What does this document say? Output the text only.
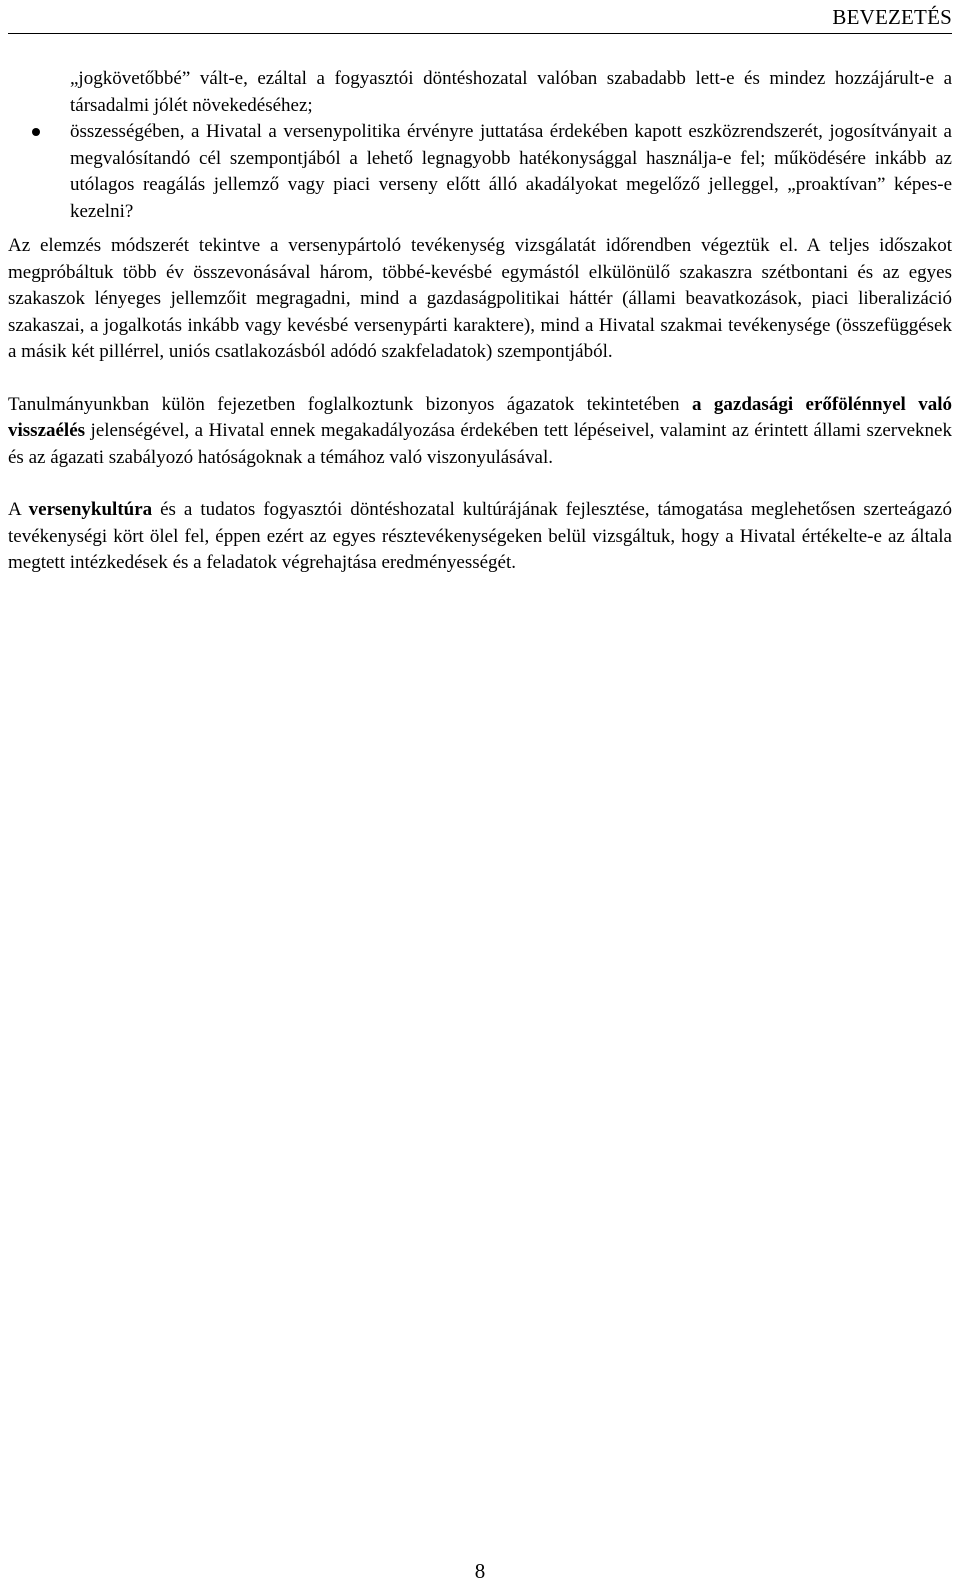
BEVEZETÉS
„jogkövetőbbé” vált-e, ezáltal a fogyasztói döntéshozatal valóban szabadabb lett-e és mindez hozzájárult-e a társadalmi jólét növekedéséhez;
összességében, a Hivatal a versenypolitika érvényre juttatása érdekében kapott eszközrendszerét, jogosítványait a megvalósítandó cél szempontjából a lehető legnagyobb hatékonysággal használja-e fel; működésére inkább az utólagos reagálás jellemző vagy piaci verseny előtt álló akadályokat megelőző jelleggel, „proaktívan” képes-e kezelni?

Az elemzés módszerét tekintve a versenypártoló tevékenység vizsgálatát időrendben végeztük el. A teljes időszakot megpróbáltuk több év összevonásával három, többé-kevésbé egymástól elkülönülő szakaszra szétbontani és az egyes szakaszok lényeges jellemzőit megragadni, mind a gazdaságpolitikai háttér (állami beavatkozások, piaci liberalizáció szakaszai, a jogalkotás inkább vagy kevésbé versenypárti karaktere), mind a Hivatal szakmai tevékenysége (összefüggések a másik két pillérrel, uniós csatlakozásból adódó szakfeladatok) szempontjából.

Tanulmányunkban külön fejezetben foglalkoztunk bizonyos ágazatok tekintetében a gazdasági erőfölénnyel való visszaélés jelenségével, a Hivatal ennek megakadályozása érdekében tett lépéseivel, valamint az érintett állami szerveknek és az ágazati szabályozó hatóságoknak a témához való viszonyulásával.

A versenykultúra és a tudatos fogyasztói döntéshozatal kultúrájának fejlesztése, támogatása meglehetősen szerteágazó tevékenységi kört ölel fel, éppen ezért az egyes résztevékenységeken belül vizsgáltuk, hogy a Hivatal értékelte-e az általa megtett intézkedések és a feladatok végrehajtása eredményességét.

8
